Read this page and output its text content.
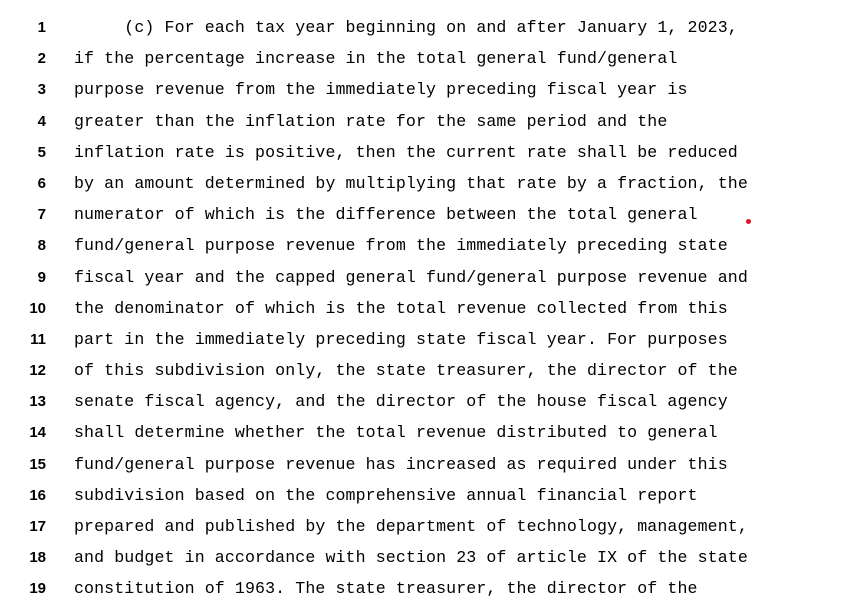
1 (c) For each tax year beginning on and after January 1, 2023,
2 if the percentage increase in the total general fund/general
3 purpose revenue from the immediately preceding fiscal year is
4 greater than the inflation rate for the same period and the
5 inflation rate is positive, then the current rate shall be reduced
6 by an amount determined by multiplying that rate by a fraction, the
7 numerator of which is the difference between the total general
8 fund/general purpose revenue from the immediately preceding state
9 fiscal year and the capped general fund/general purpose revenue and
10 the denominator of which is the total revenue collected from this
11 part in the immediately preceding state fiscal year. For purposes
12 of this subdivision only, the state treasurer, the director of the
13 senate fiscal agency, and the director of the house fiscal agency
14 shall determine whether the total revenue distributed to general
15 fund/general purpose revenue has increased as required under this
16 subdivision based on the comprehensive annual financial report
17 prepared and published by the department of technology, management,
18 and budget in accordance with section 23 of article IX of the state
19 constitution of 1963. The state treasurer, the director of the
